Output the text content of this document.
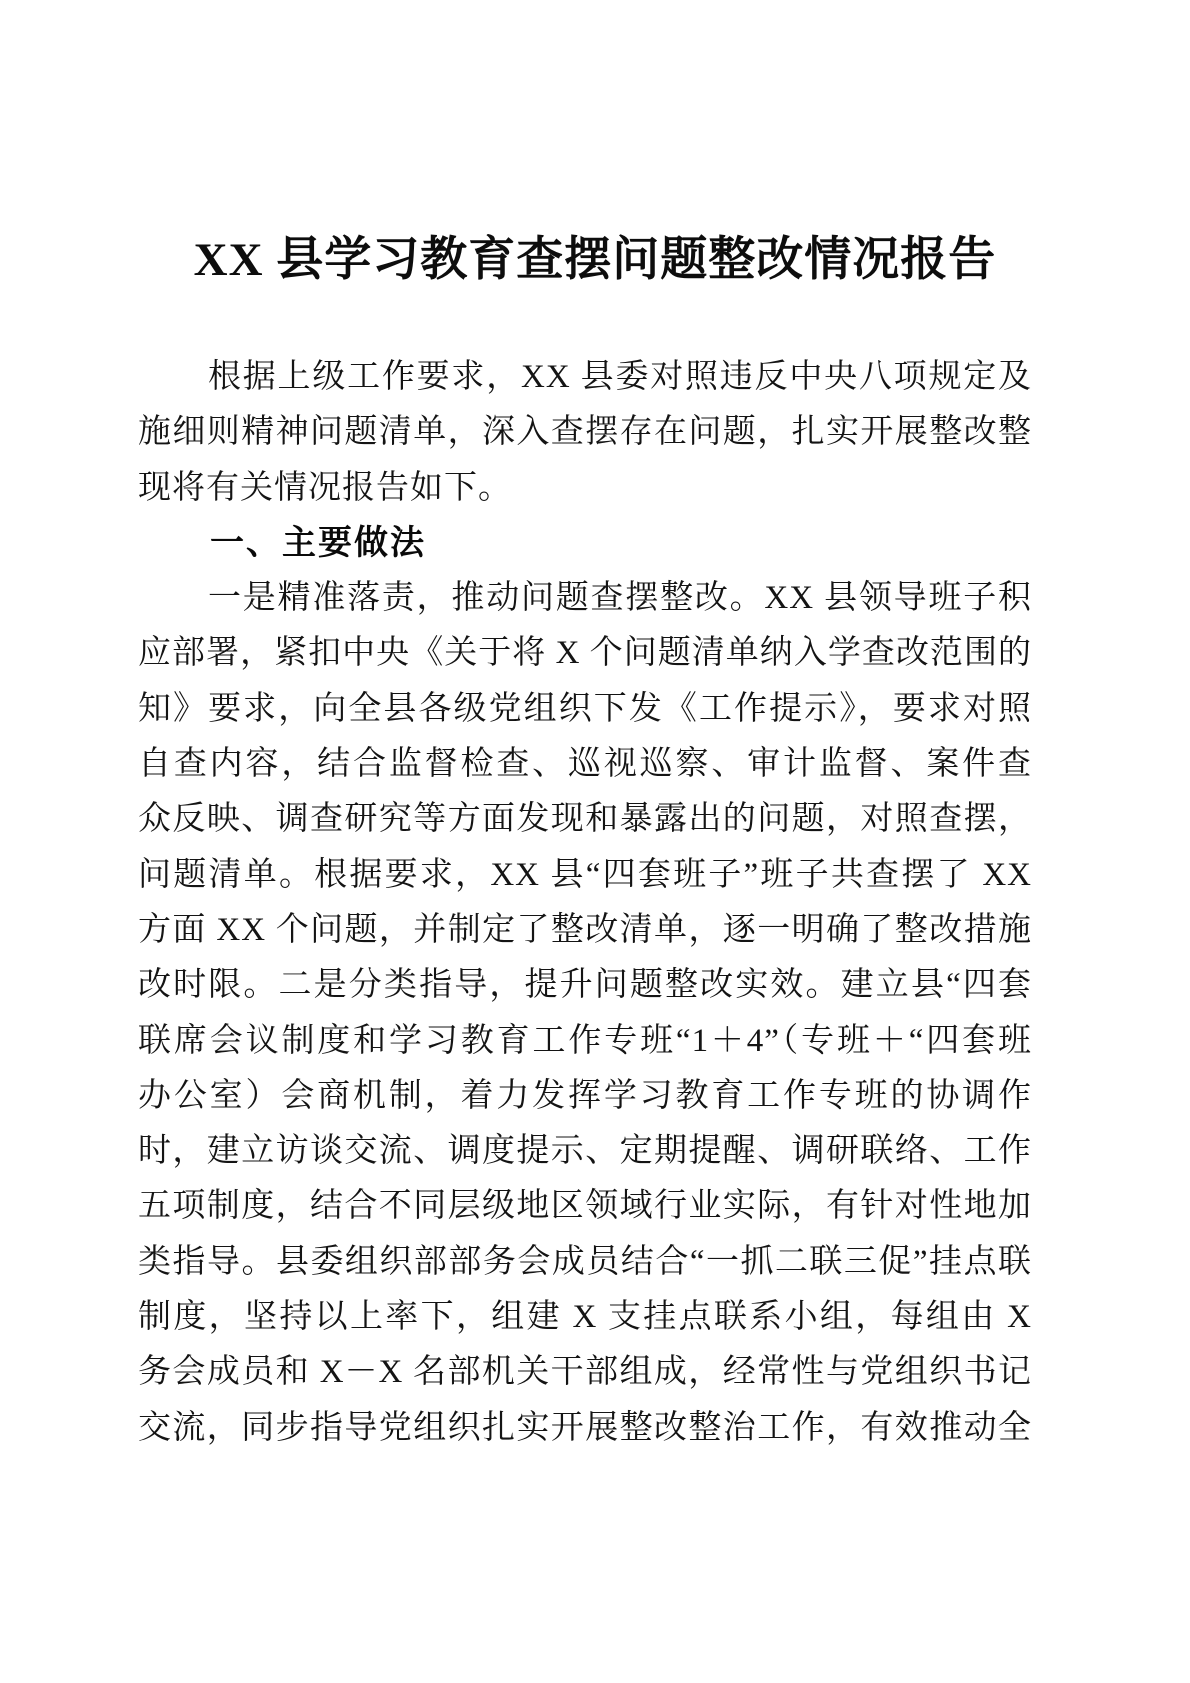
XX 县学习教育查摆问题整改情况报告
根据上级工作要求，XX 县委对照违反中央八项规定及
施细则精神问题清单，深入查摆存在问题，扎实开展整改整
现将有关情况报告如下。
一、主要做法
一是精准落责，推动问题查摆整改。XX 县领导班子积
应部署，紧扣中央《关于将 X 个问题清单纳入学查改范围的
知》要求，向全县各级党组织下发《工作提示》，要求对照
自查内容，结合监督检查、巡视巡察、审计监督、案件查
众反映、调查研究等方面发现和暴露出的问题，对照查摆，
问题清单。根据要求，XX 县“四套班子”班子共查摆了 XX
方面 XX 个问题，并制定了整改清单，逐一明确了整改措施
改时限。二是分类指导，提升问题整改实效。建立县“四套
联席会议制度和学习教育工作专班“1＋4”（专班＋“四套班
办公室）会商机制，着力发挥学习教育工作专班的协调作
时，建立访谈交流、调度提示、定期提醒、调研联络、工作
五项制度，结合不同层级地区领域行业实际，有针对性地加
类指导。县委组织部部务会成员结合“一抓二联三促”挂点联
制度，坚持以上率下，组建 X 支挂点联系小组，每组由 X
务会成员和 X－X 名部机关干部组成，经常性与党组织书记
交流，同步指导党组织扎实开展整改整治工作，有效推动全
